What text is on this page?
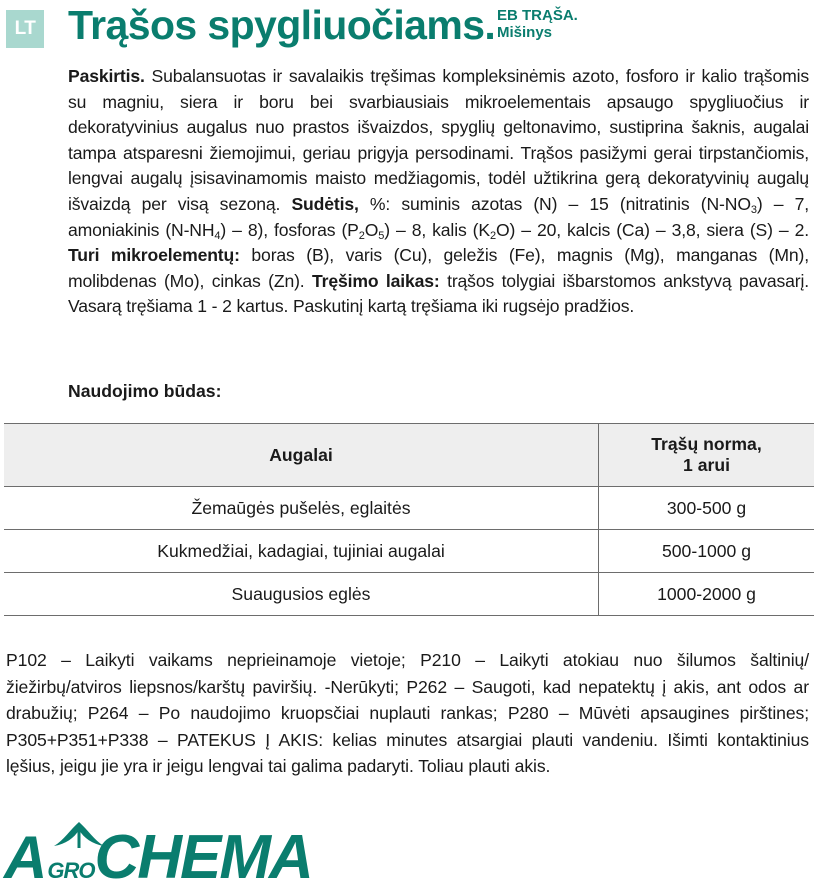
LT Trąšos spygliuočiams. EB TRĄŠA.
Mišinys

Paskirtis. Subalansuotas ir savalaikis tręšimas kompleksinėmis azoto, fosforo ir kalio trąšomis su magniu, siera ir boru bei svarbiausiais mikroelementais apsaugo spygliuočius ir dekoratyvinius augalus nuo prastos išvaizdos, spyglių geltonavimo, sustiprina šaknis, augalai tampa atsparesni žiemojimui, geriau prigyja persodinami. Trąšos pasižymi gerai tirpstančiomis, lengvai augalų įsisavinamomis maisto medžiagomis, todėl užtikrina gerą dekoratyvinių augalų išvaizdą per visą sezoną. Sudėtis, %: suminis azotas (N) – 15 (nitratinis $(N-NO_3) - 7$, amoniakinis $(N-NH_4) - 8$), fosforas $(P_2O_5) - 8$, kalis $(K_2O) - 20$, kalcis (Ca) – 3,8, siera (S) – 2. Turi mikroelementų: boras (B), varis (Cu), geležis (Fe), magnis (Mg), manganas (Mn), molibdenas (Mo), cinkas (Zn). Tręšimo laikas: trąšos tolygiai išbarstomos ankstyvą pavasarį. Vasarą tręšiama 1 - 2 kartus. Paskutinį kartą tręšiama iki rugsėjo pradžios.

Naudojimo būdas:
Augalai	Trąšų norma,
1 arui

Žemaūgės pušelės, eglaitės	300-500 g
Kukmedžiai, kadagiai, tujiniai augalai	500-1000 g
Suaugusios eglės	1000-2000 g

P102 – Laikyti vaikams neprieinamoje vietoje; P210 – Laikyti atokiau nuo šilumos šaltinių/žiežirbų/atviros liepsnos/karštų paviršių. -Nerūkyti; P262 – Saugoti, kad nepatektų į akis, ant odos ar drabužių; P264 – Po naudojimo kruopsčiai nuplauti rankas; P280 – Mūvėti apsaugines pirštines; P305+P351+P338 – PATEKUS Į AKIS: kelias minutes atsargiai plauti vandeniu. Išimti kontaktinius lęšius, jeigu jie yra ir jeigu lengvai tai galima padaryti. Toliau plauti akis.

AGROCHEMA
